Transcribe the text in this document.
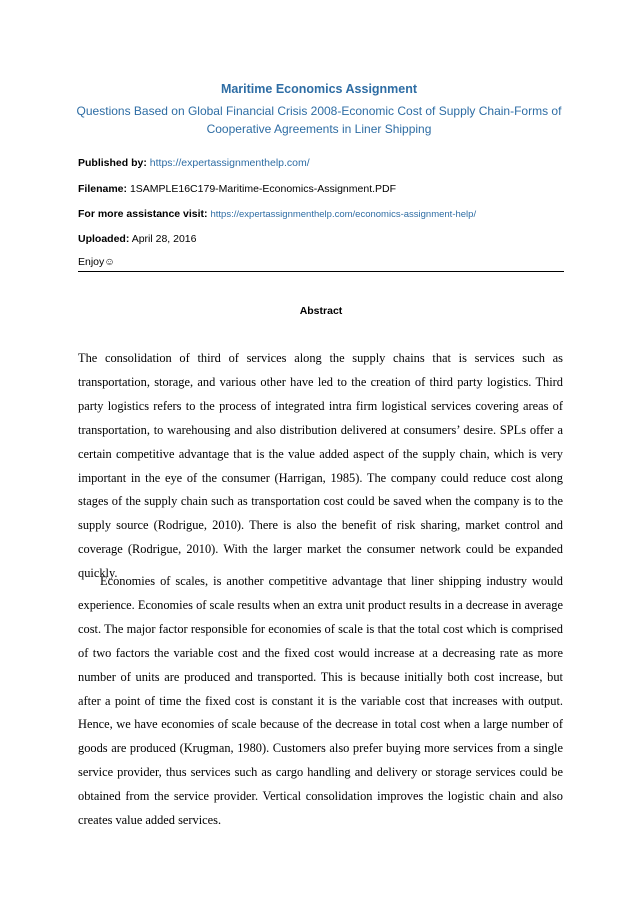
Maritime Economics Assignment
Questions Based on Global Financial Crisis 2008-Economic Cost of Supply Chain-Forms of Cooperative Agreements in Liner Shipping
Published by: https://expertassignmenthelp.com/
Filename: 1SAMPLE16C179-Maritime-Economics-Assignment.PDF
For more assistance visit: https://expertassignmenthelp.com/economics-assignment-help/
Uploaded: April 28, 2016
Enjoy☺
Abstract

The consolidation of third of services along the supply chains that is services such as transportation, storage, and various other have led to the creation of third party logistics. Third party logistics refers to the process of integrated intra firm logistical services covering areas of transportation, to warehousing and also distribution delivered at consumers’ desire. SPLs offer a certain competitive advantage that is the value added aspect of the supply chain, which is very important in the eye of the consumer (Harrigan, 1985). The company could reduce cost along stages of the supply chain such as transportation cost could be saved when the company is to the supply source (Rodrigue, 2010). There is also the benefit of risk sharing, market control and coverage (Rodrigue, 2010). With the larger market the consumer network could be expanded quickly.

Economies of scales, is another competitive advantage that liner shipping industry would experience. Economies of scale results when an extra unit product results in a decrease in average cost. The major factor responsible for economies of scale is that the total cost which is comprised of two factors the variable cost and the fixed cost would increase at a decreasing rate as more number of units are produced and transported. This is because initially both cost increase, but after a point of time the fixed cost is constant it is the variable cost that increases with output. Hence, we have economies of scale because of the decrease in total cost when a large number of goods are produced (Krugman, 1980). Customers also prefer buying more services from a single service provider, thus services such as cargo handling and delivery or storage services could be obtained from the service provider. Vertical consolidation improves the logistic chain and also creates value added services.
